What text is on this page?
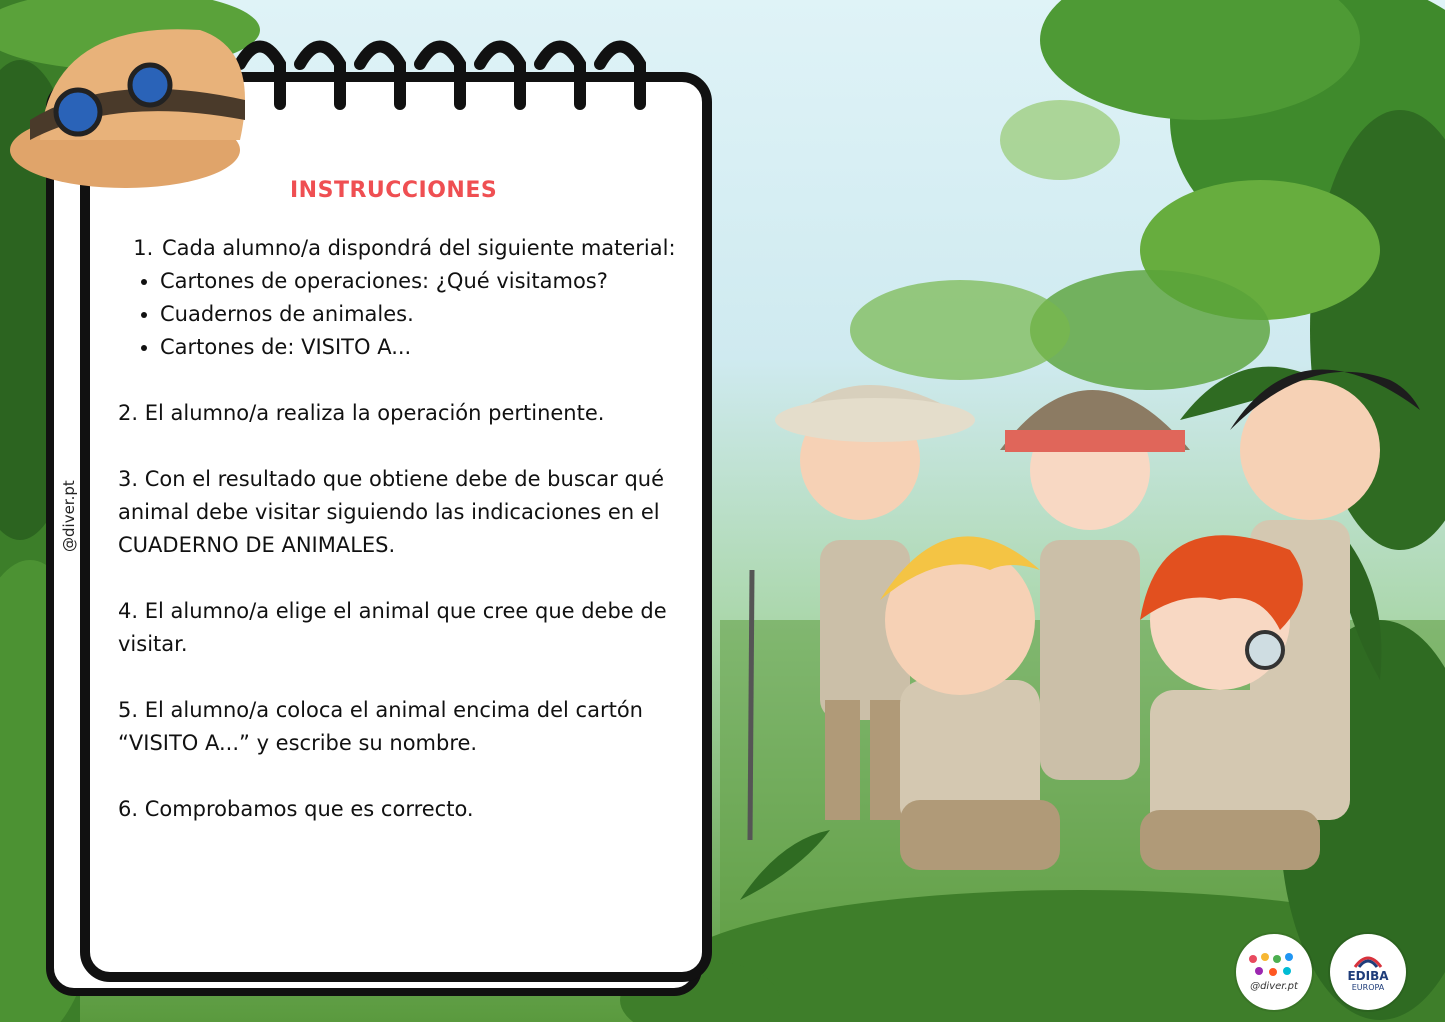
@diver.pt
INSTRUCCIONES
1. Cada alumno/a dispondrá del siguiente material:
• Cartones de operaciones: ¿Qué visitamos?
• Cuadernos de animales.
• Cartones de: VISITO A...

2. El alumno/a realiza la operación pertinente.

3. Con el resultado que obtiene debe de buscar qué animal debe visitar siguiendo las indicaciones en el CUADERNO DE ANIMALES.

4. El alumno/a elige el animal que cree que debe de visitar.

5. El alumno/a coloca el animal encima del cartón “VISITO A...” y escribe su nombre.

6. Comprobamos que es correcto.

@diver.pt
EDIBA
EUROPA
